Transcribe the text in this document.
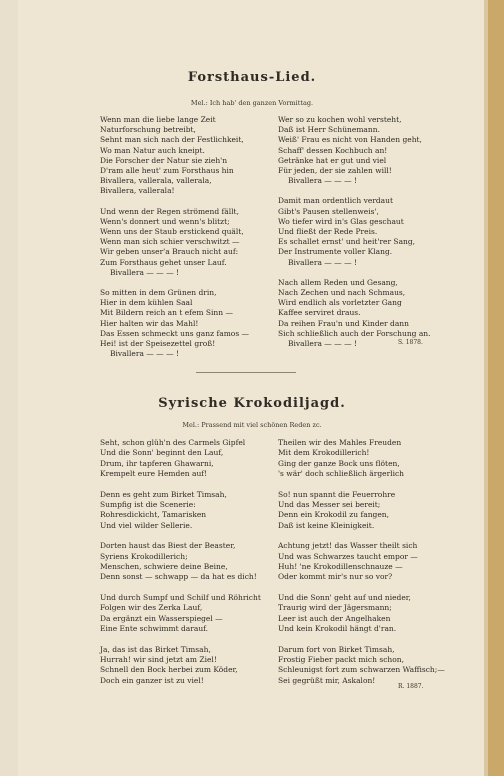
Forsthaus-Lied.
Mel.: Ich hab' den ganzen Vormittag.
Wenn man die liebe lange Zeit
Naturforschung betreibt,
Sehnt man sich nach der Festlichkeit,
Wo man Natur auch kneipt.
Die Forscher der Natur sie zieh'n
D'ram alle heut' zum Forsthaus hin
Bivallera, vallerala, vallerala,
Bivallera, vallerala!
Und wenn der Regen strömend fällt,
Wenn's donnert und wenn's blitzt;
Wenn uns der Staub erstickend quält,
Wenn man sich schier verschwitzt —
Wir geben unser'a Brauch nicht auf:
Zum Forsthaus gehet unser Lauf.
Bivallera — — — !
So mitten in dem Grünen drin,
Hier in dem kühlen Saal
Mit Bildern reich an t efem Sinn —
Hier halten wir das Mahl!
Das Essen schmeckt uns ganz famos —
Hei! ist der Speisezettel groß!
Bivallera — — — !
Wer so zu kochen wohl versteht,
Daß ist Herr Schünemann.
Weiß' Frau es nicht von Handen geht,
Schaff' dessen Kochbuch an!
Getränke hat er gut und viel
Für jeden, der sie zahlen will!
Bivallera — — — !
Damit man ordentlich verdaut
Gibt's Pausen stellenweis',
Wo tiefer wird in's Glas geschaut
Und fließt der Rede Preis.
Es schallet ernst' und heit'rer Sang,
Der Instrumente voller Klang.
Bivallera — — — !
Nach allem Reden und Gesang,
Nach Zechen und nach Schmaus,
Wird endlich als vorletzter Gang
Kaffee serviret draus.
Da reihen Frau'n und Kinder dann
Sich schließlich auch der Forschung an.
Bivallera — — — !	S. 1878.
Syrische Krokodiljagd.
Mel.: Prassend mit viel schönen Reden zc.
Seht, schon glüh'n des Carmels Gipfel
Und die Sonn' beginnt den Lauf,
Drum, ihr tapferen Ghawarni,
Krempelt eure Hemden auf!
Denn es geht zum Birket Timsah,
Sumpfig ist die Scenerie:
Rohresdickicht, Tamarisken
Und viel wilder Sellerie.
Dorten haust das Biest der Beaster,
Syriens Krokodillerich;
Menschen, schwiere deine Beine,
Denn sonst — schwapp — da hat es dich!
Und durch Sumpf und Schilf und Röhricht
Folgen wir des Zerka Lauf,
Da ergänzt ein Wasserspiegel —
Eine Ente schwimmt darauf.
Ja, das ist das Birket Timsah,
Hurrah! wir sind jetzt am Ziel!
Schnell den Bock herbei zum Köder,
Doch ein ganzer ist zu viel!
Theilen wir des Mahles Freuden
Mit dem Krokodillerich!
Ging der ganze Bock uns flöten,
's wär' doch schließlich ärgerlich
So! nun spannt die Feuerrohre
Und das Messer sei bereit;
Denn ein Krokodil zu fangen,
Daß ist keine Kleinigkeit.
Achtung jetzt! das Wasser theilt sich
Und was Schwarzes taucht empor —
Huh! 'ne Krokodillenschnauze —
Oder kommt mir's nur so vor?
Und die Sonn' geht auf und nieder,
Traurig wird der Jägersmann;
Leer ist auch der Angelhaken
Und kein Krokodil hängt d'ran.
Darum fort von Birket Timsah,
Frostig Fieber packt mich schon,
Schleunigst fort zum schwarzen Waffisch;—
Sei gegrüßt mir, Askalon!
R. 1887.
